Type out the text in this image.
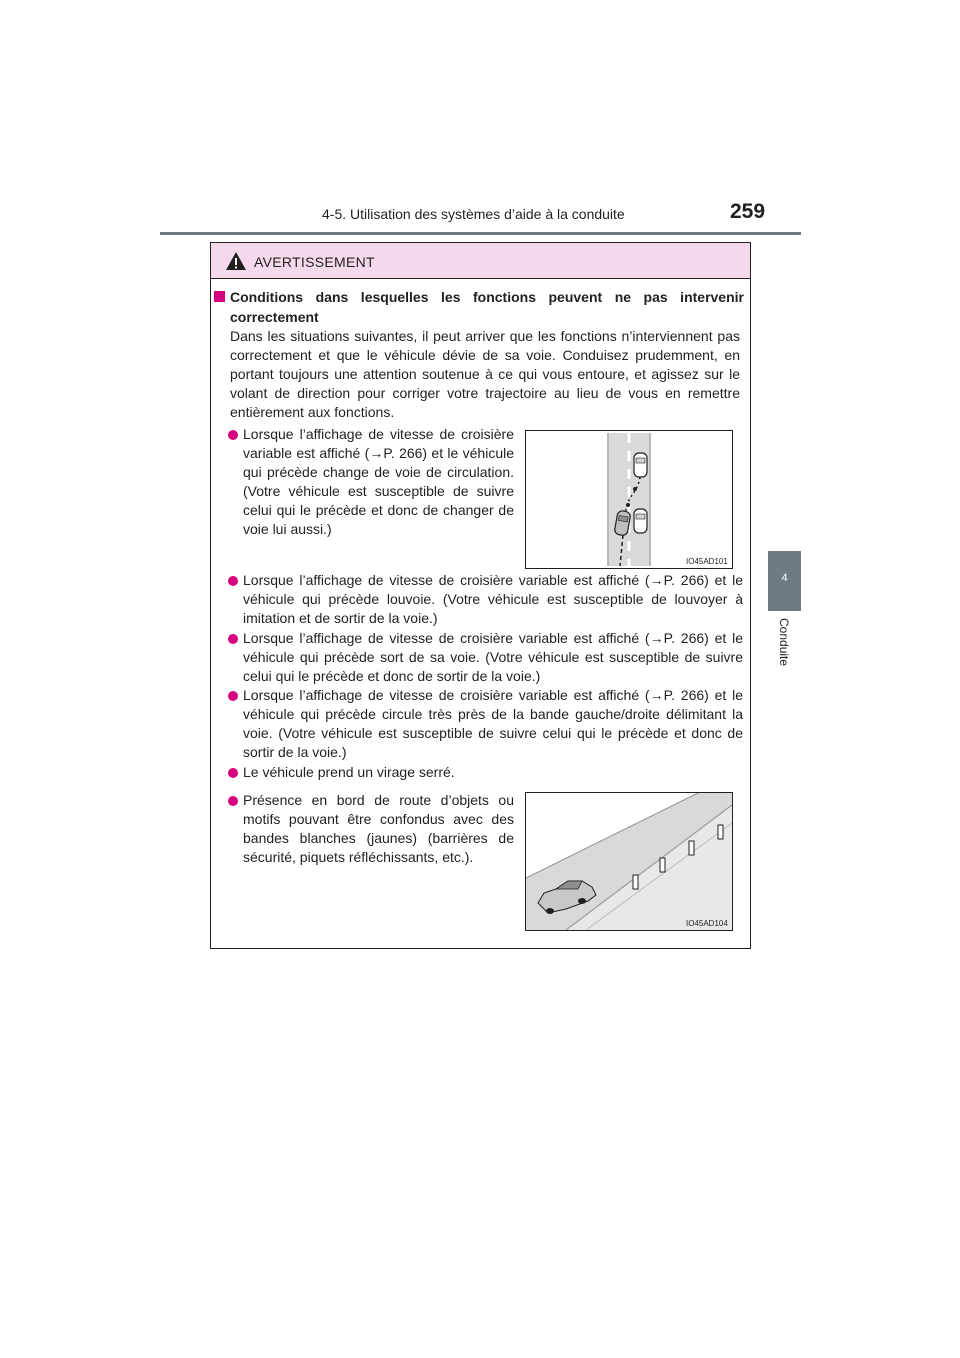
4-5. Utilisation des systèmes d’aide à la conduite	259
4
Conduite
AVERTISSEMENT
Conditions dans lesquelles les fonctions peuvent ne pas intervenir correctement
Dans les situations suivantes, il peut arriver que les fonctions n’interviennent pas correctement et que le véhicule dévie de sa voie. Conduisez prudemment, en portant toujours une attention soutenue à ce qui vous entoure, et agissez sur le volant de direction pour corriger votre trajectoire au lieu de vous en remettre entièrement aux fonctions.
Lorsque l’affichage de vitesse de croisière variable est affiché (→P. 266) et le véhicule qui précède change de voie de circulation. (Votre véhicule est susceptible de suivre celui qui le précède et donc de changer de voie lui aussi.)
IO45AD101
Lorsque l’affichage de vitesse de croisière variable est affiché (→P. 266) et le véhicule qui précède louvoie. (Votre véhicule est susceptible de louvoyer à imitation et de sortir de la voie.)
Lorsque l’affichage de vitesse de croisière variable est affiché (→P. 266) et le véhicule qui précède sort de sa voie. (Votre véhicule est susceptible de suivre celui qui le précède et donc de sortir de la voie.)
Lorsque l’affichage de vitesse de croisière variable est affiché (→P. 266) et le véhicule qui précède circule très près de la bande gauche/droite délimitant la voie. (Votre véhicule est susceptible de suivre celui qui le précède et donc de sortir de la voie.)
Le véhicule prend un virage serré.
Présence en bord de route d’objets ou motifs pouvant être confondus avec des bandes blanches (jaunes) (barrières de sécurité, piquets réfléchissants, etc.).
IO45AD104
